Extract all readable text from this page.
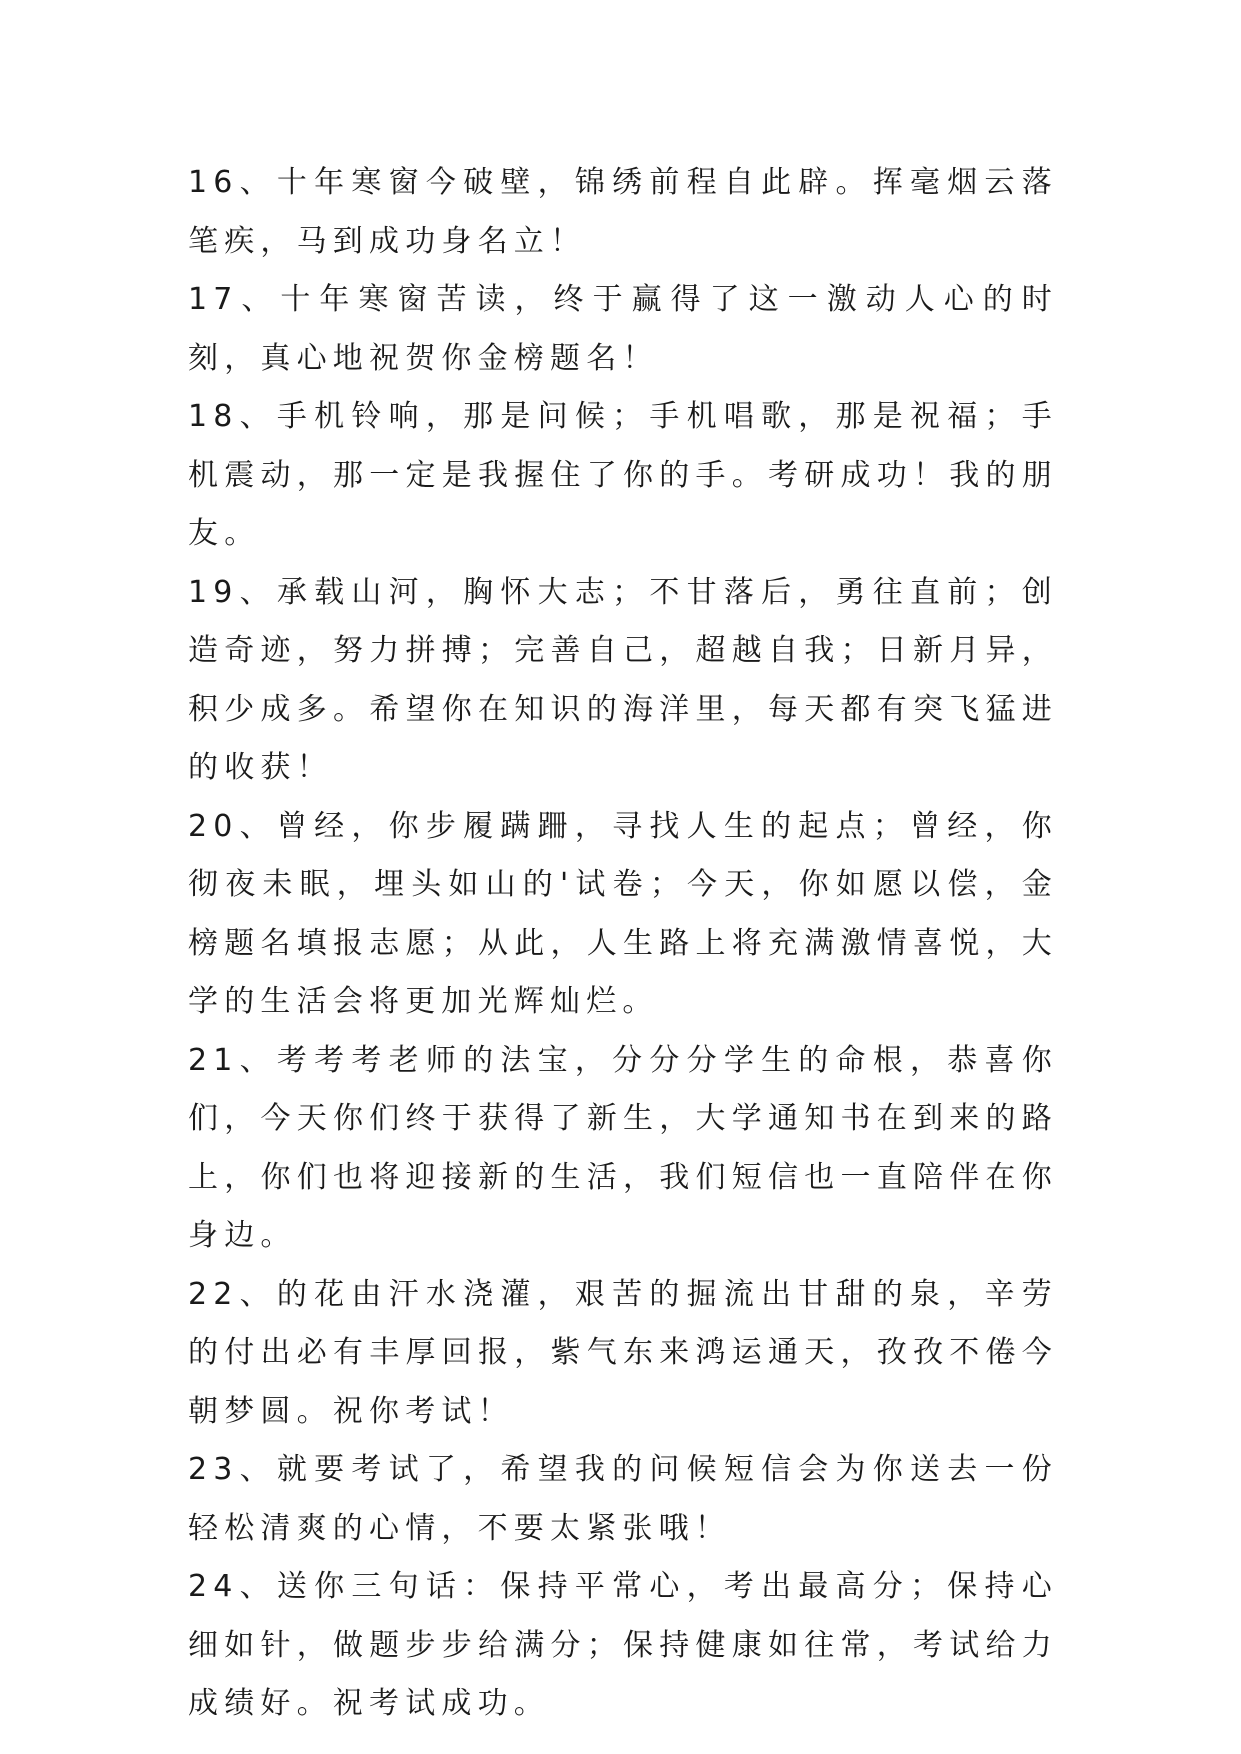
16、十年寒窗今破壁，锦绣前程自此辟。挥毫烟云落笔疾，马到成功身名立！

17、十年寒窗苦读，终于赢得了这一激动人心的时刻，真心地祝贺你金榜题名！

18、手机铃响，那是问候；手机唱歌，那是祝福；手机震动，那一定是我握住了你的手。考研成功！我的朋友。

19、承载山河，胸怀大志；不甘落后，勇往直前；创造奇迹，努力拼搏；完善自己，超越自我；日新月异，积少成多。希望你在知识的海洋里，每天都有突飞猛进的收获！

20、曾经，你步履蹒跚，寻找人生的起点；曾经，你彻夜未眠，埋头如山的'试卷；今天，你如愿以偿，金榜题名填报志愿；从此，人生路上将充满激情喜悦，大学的生活会将更加光辉灿烂。

21、考考考老师的法宝，分分分学生的命根，恭喜你们，今天你们终于获得了新生，大学通知书在到来的路上，你们也将迎接新的生活，我们短信也一直陪伴在你身边。

22、的花由汗水浇灌，艰苦的掘流出甘甜的泉，辛劳的付出必有丰厚回报，紫气东来鸿运通天，孜孜不倦今朝梦圆。祝你考试！

23、就要考试了，希望我的问候短信会为你送去一份轻松清爽的心情，不要太紧张哦！

24、送你三句话：保持平常心，考出最高分；保持心细如针，做题步步给满分；保持健康如往常，考试给力成绩好。祝考试成功。
